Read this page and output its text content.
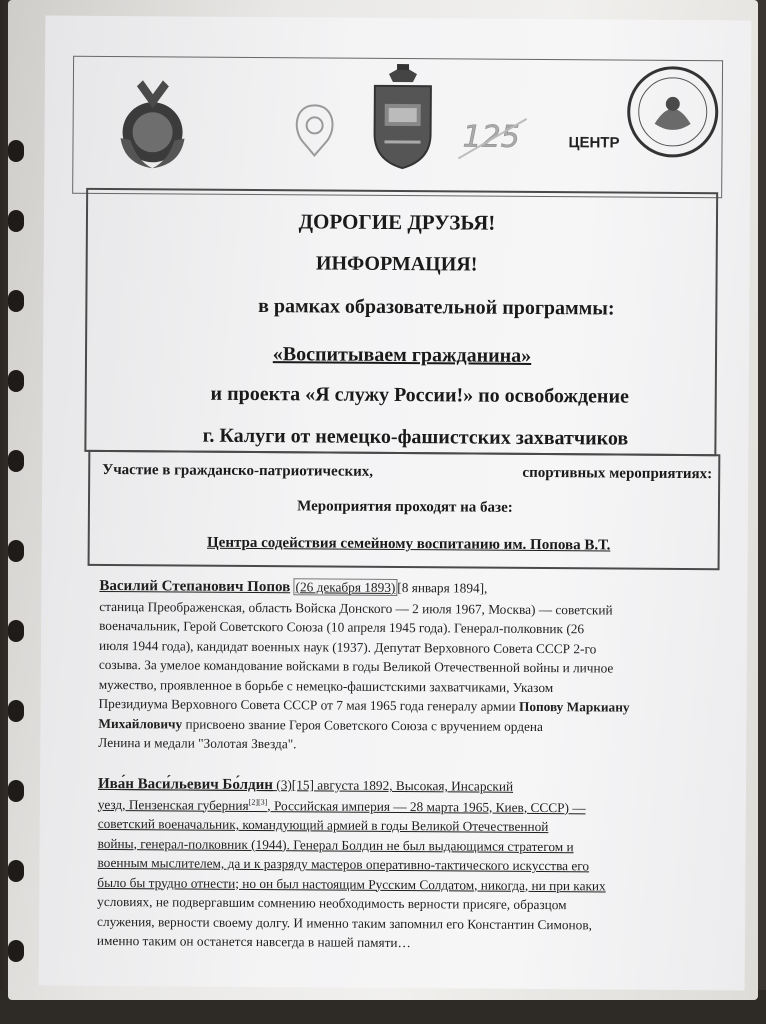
125	ЦЕНТР
ДОРОГИЕ ДРУЗЬЯ!
ИНФОРМАЦИЯ!
в рамках образовательной программы:
«Воспитываем гражданина»
и проекта «Я служу России!» по освобождение
г. Калуги от немецко-фашистских захватчиков
Участие в гражданско-патриотических,	спортивных мероприятиях:
Мероприятия проходят на базе:
Центра содействия семейному воспитанию им. Попова В.Т.
Василий Степанович Попов (26 декабря 1893) [8 января 1894],
станица Преображенская, область Войска Донского — 2 июля 1967, Москва) — советский
военачальник, Герой Советского Союза (10 апреля 1945 года). Генерал-полковник (26
июля 1944 года), кандидат военных наук (1937). Депутат Верховного Совета СССР 2-го
созыва. За умелое командование войсками в годы Великой Отечественной войны и личное
мужество, проявленное в борьбе с немецко-фашистскими захватчиками, Указом
Президиума Верховного Совета СССР от 7 мая 1965 года генералу армии Попову Маркиану Михайловичу присвоено звание Героя Советского Союза с вручением ордена
Ленина и медали "Золотая Звезда".
Ива́н Васи́льевич Бо́лдин (3)[15] августа 1892, Высокая, Инсарский
уезд, Пензенская губерния[2][3], Российская империя — 28 марта 1965, Киев, СССР) —
советский военачальник, командующий армией в годы Великой Отечественной
войны, генерал-полковник (1944). Генерал Болдин не был выдающимся стратегом и
военным мыслителем, да и к разряду мастеров оперативно-тактического искусства его
было бы трудно отнести; но он был настоящим Русским Солдатом, никогда, ни при каких
условиях, не подвергавшим сомнению необходимость верности присяге, образцом
служения, верности своему долгу. И именно таким запомнил его Константин Симонов,
именно таким он останется навсегда в нашей памяти…
